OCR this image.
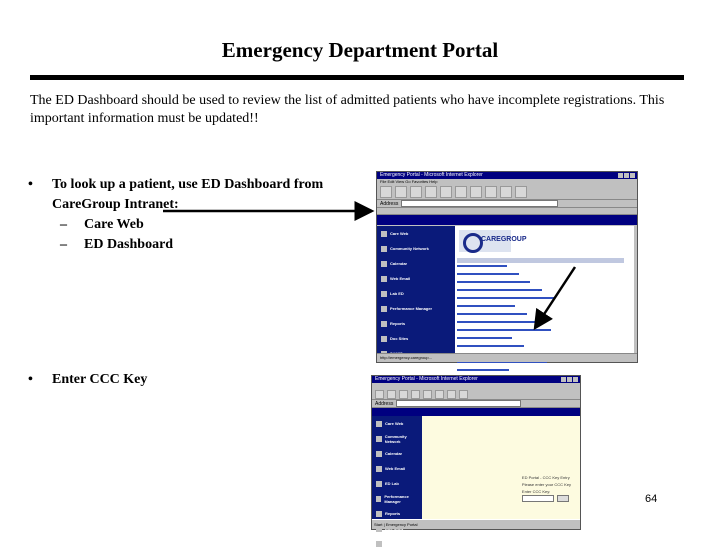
Emergency Department Portal
The ED Dashboard should be used to review the list of admitted patients who have incomplete registrations. This important information must be updated!!
• To look up a patient, use ED Dashboard from CareGroup Intranet:
– Care Web
– ED Dashboard
• Enter CCC Key
Emergency Portal - Microsoft Internet Explorer
File Edit View Go Favorites Help
Address
Care Web
Community Network
Calendar
Web Email
Lab ED
Performance Manager
Reports
Doc Sites
CAREGROUP
http://emergency.caregroup...
Emergency Portal - Microsoft Internet Explorer
Address
Care Web
Community Network
Calendar
Web Email
ED Lab
Performance Manager
Reports
SAMIS
ED Portal - CCC Key Entry
Please enter your CCC Key
Enter CCC Key:
Start | Emergency Portal
64
